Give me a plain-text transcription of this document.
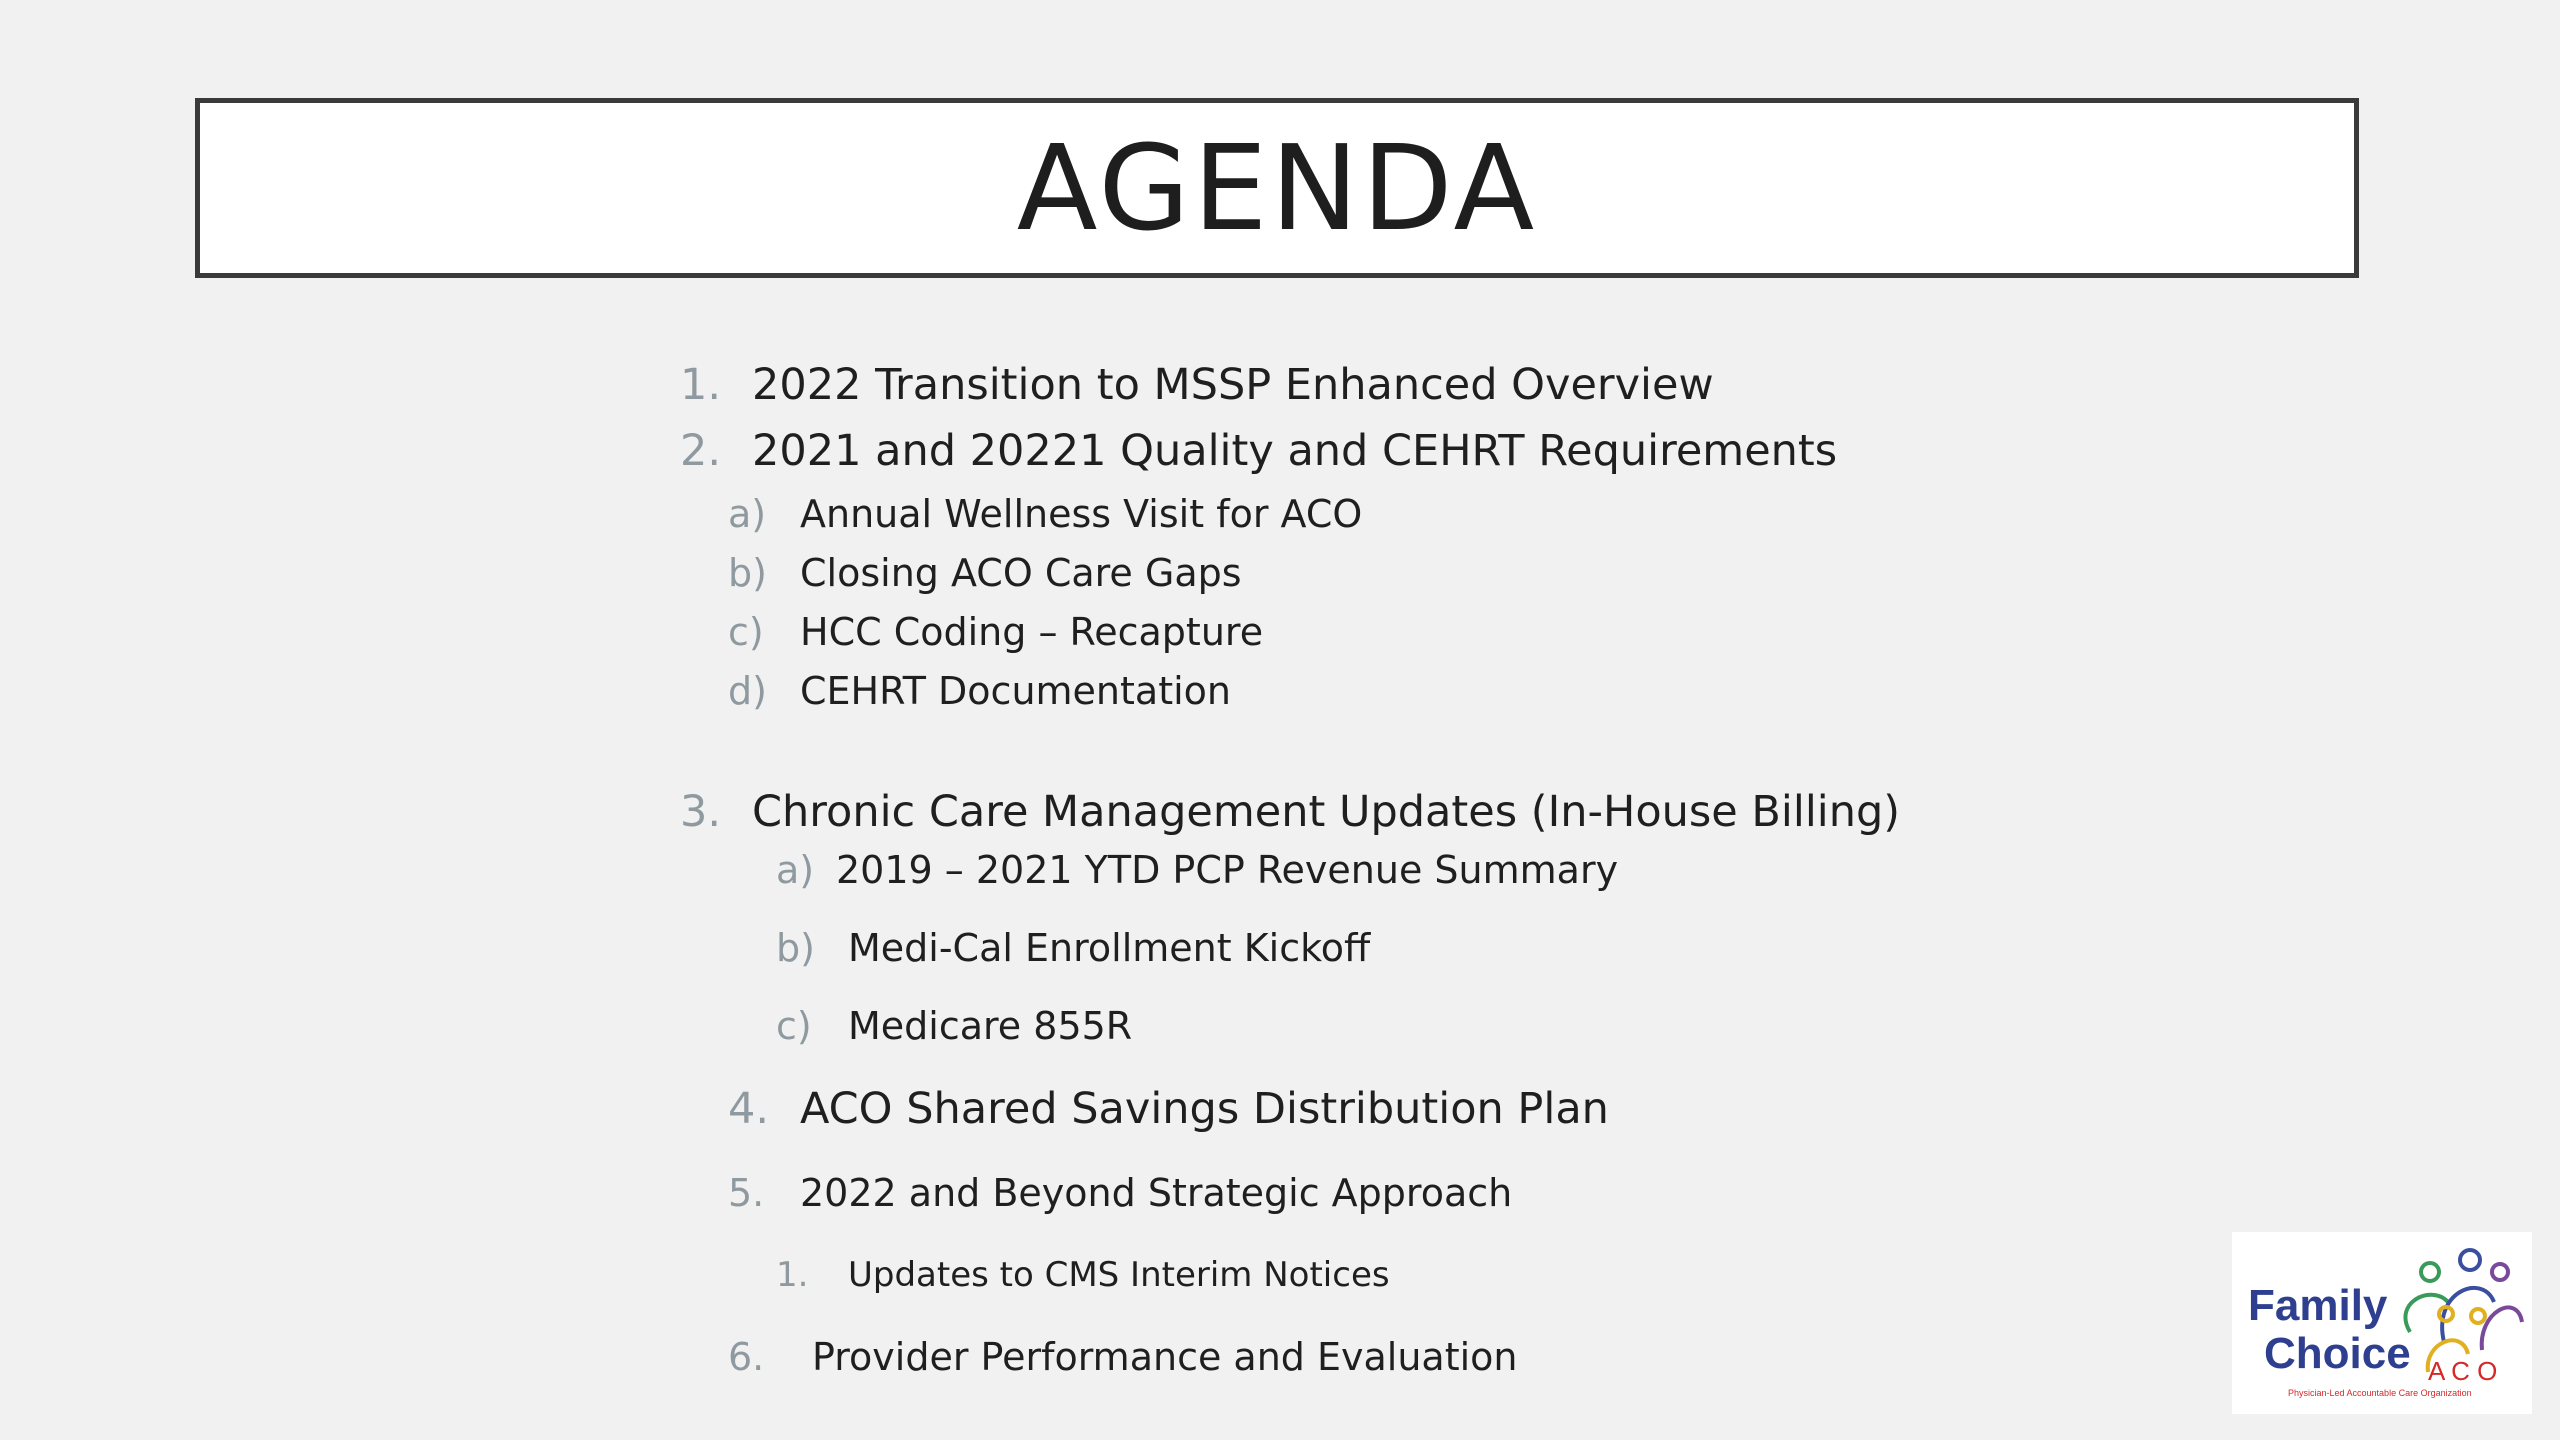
AGENDA
1. 2022 Transition to MSSP Enhanced Overview
2. 2021 and 20221 Quality and CEHRT Requirements
a) Annual Wellness Visit for ACO
b) Closing ACO Care Gaps
c) HCC Coding – Recapture
d) CEHRT Documentation
3. Chronic Care Management Updates (In-House Billing)
a) 2019 – 2021 YTD PCP Revenue Summary
b) Medi-Cal Enrollment Kickoff
c) Medicare 855R
4. ACO Shared Savings Distribution Plan
5. 2022 and Beyond Strategic Approach
1.	Updates to CMS Interim Notices
6.	Provider Performance and Evaluation
Family
Choice A C O
Physician-Led Accountable Care Organization
